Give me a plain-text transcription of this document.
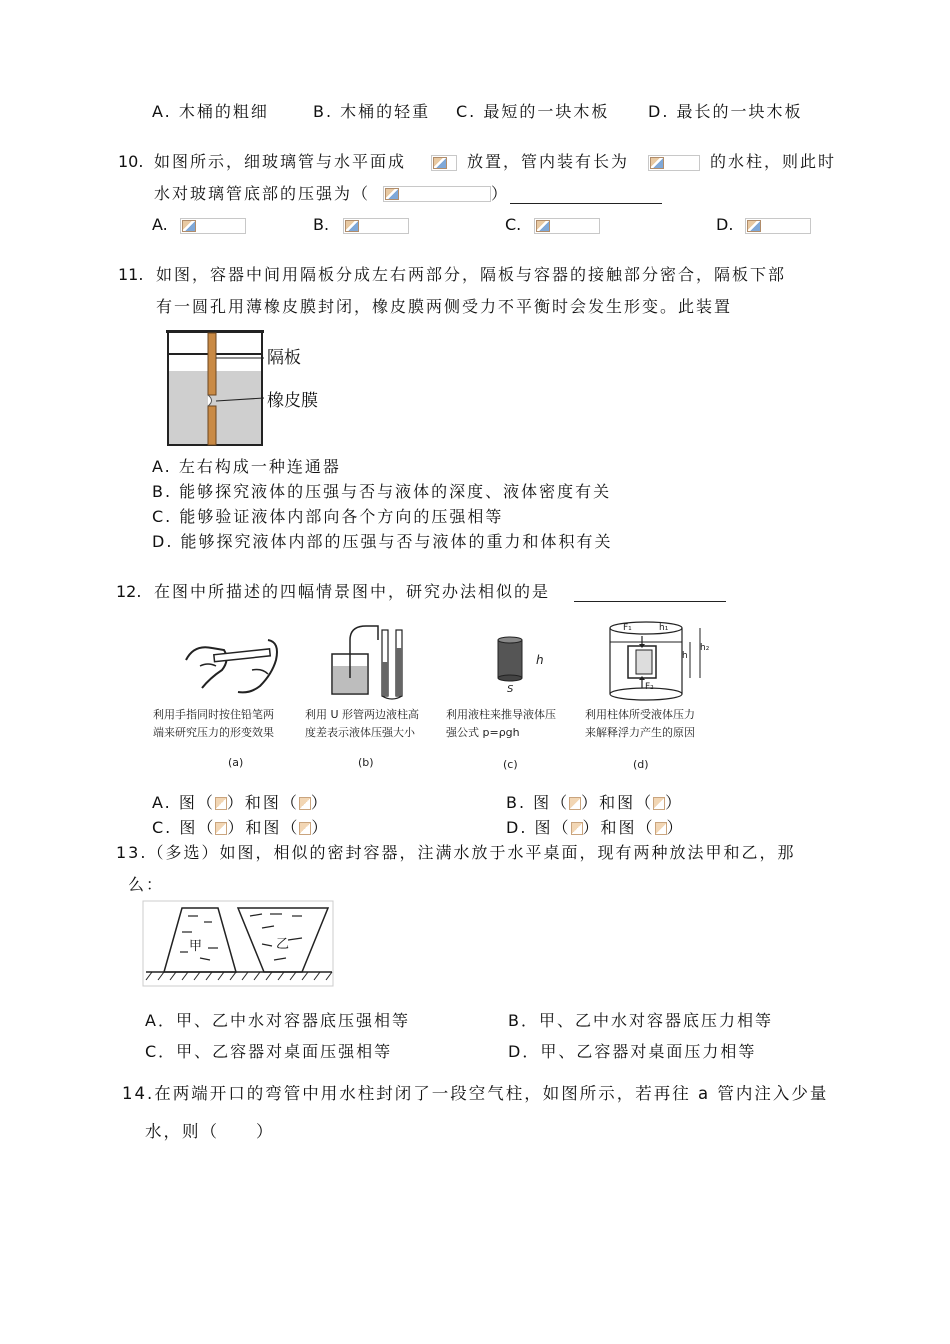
A. 木桶的粗细	B. 木桶的轻重 C. 最短的一块木板 D. 最长的一块木板
10. 如图所示，细玻璃管与水平面成	放置，管内装有长为	的水柱，则此时
水对玻璃管底部的压强为（	）
A.	B.	C.	D.
11. 如图，容器中间用隔板分成左右两部分，隔板与容器的接触部分密合，隔板下部
有一圆孔用薄橡皮膜封闭，橡皮膜两侧受力不平衡时会发生形变。此装置
隔板
橡皮膜
A. 左右构成一种连通器
B. 能够探究液体的压强与否与液体的深度、液体密度有关
C. 能够验证液体内部向各个方向的压强相等
D. 能够探究液体内部的压强与否与液体的重力和体积有关
12. 在图中所描述的四幅情景图中，研究办法相似的是
h
S
F₁	h₁
h₂
h
F₂
利用手指同时按住铅笔两
端来研究压力的形变效果
利用 U 形管两边液柱高
度差表示液体压强大小
利用液柱来推导液体压
强公式 p=ρgh
利用柱体所受液体压力
来解释浮力产生的原因
(a)	(b)	(c)	(d)
A. 图（ ）和图（ ）	B. 图（ ）和图（ ）
C. 图（ ）和图（ ）	D. 图（ ）和图（ ）
13.（多选）如图，相似的密封容器，注满水放于水平桌面，现有两种放法甲和乙，那
么：
甲	乙
A．甲、乙中水对容器底压强相等	B．甲、乙中水对容器底压力相等
C．甲、乙容器对桌面压强相等	D．甲、乙容器对桌面压力相等
14.在两端开口的弯管中用水柱封闭了一段空气柱，如图所示，若再往 a 管内注入少量
水，则（　　）
